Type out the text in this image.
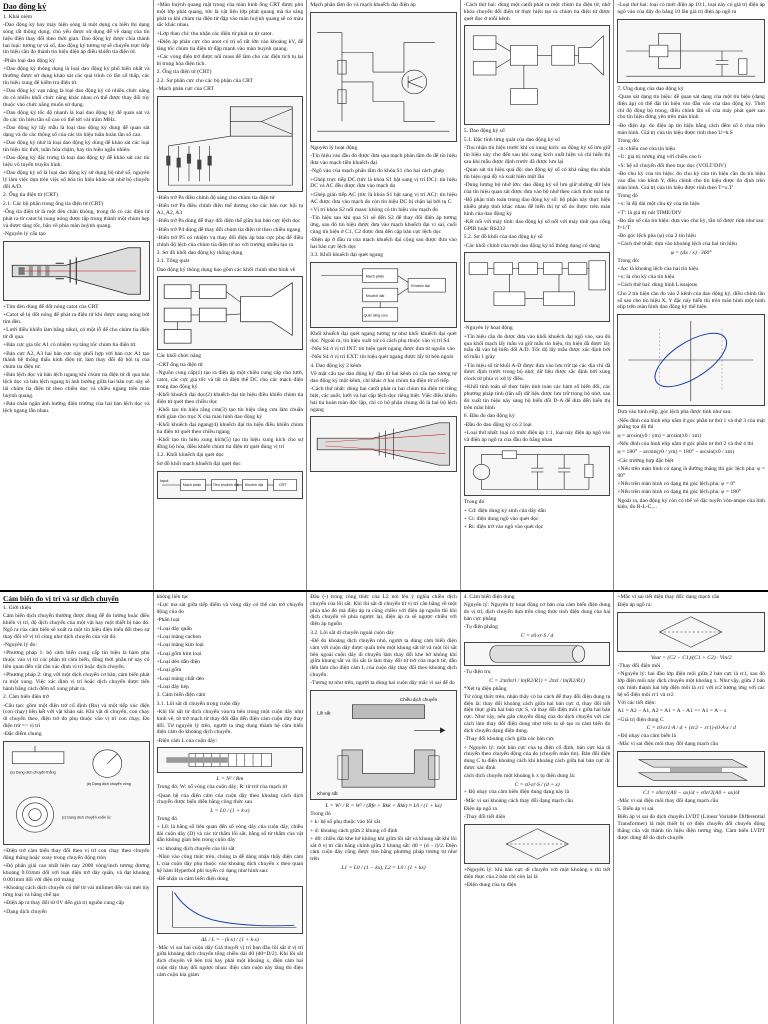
Dao động ký

1. Khái niệm

-Dao động ký hay máy hiện sóng là một dụng cụ hiển thị dạng sóng rất thông dụng, chủ yếu được sử dụng để vẽ dạng của tín hiệu điện thay đổi theo thời gian. Dao động ký được chia thành hai loại: tương tự và số, dao động ký tương tự sẽ chuyển trực tiếp tín hiệu cần đo thành tín hiệu điện áp điều khiển tia điện tử.

-Phân loại dao động ký

+Dao động ký thông dụng là loại dao động ký phổ biến nhất và thường được sử dụng khảo sát các quá trình có tần số thấp, các tín hiệu xung để kiểm tra điện tử.

+Dao động ký vạn năng là loại dao động ký có nhiều chức năng do có nhiều khối chức năng khác nhau có thể được thay đổi tùy thuộc vào chức năng muốn sử dụng.

+Dao động ký tốc độ nhanh là loại dao động ký để quan sát và đo các tín hiệu tần số cao có thể tới vài trăm MHz.

+Dao động ký lấy mẫu là loại dao động ký dùng để quan sát dạng và đo các thông số của các tín hiệu tuần hoàn tần số cao.

+Dao động ký nhớ là loại dao động ký dùng để khảo sát các loại tín hiệu lúc thời, tuần hòa chậm, hay tín hiệu ngẫu nhiên.

+Dao động ký đặc trưng là loại dao động ký để khảo sát các tín hiệu vô tuyến truyền hình.

+Dao động ký số là loại dao động ký sử dụng bộ nhớ số, nguyên lý làm việc dựa trên việc số hóa tín hiệu khảo sát nhờ bộ chuyển đổi A/D.

2. Ống tia điện tử (CRT)

2.1. Các bộ phận trong ống tia điện tử (CRT)

-Ống tia điện tử là một đèn chân không, trong đó có các điện tử phát ra từ catot bị nung nóng được tập trung thành một chùm hẹp và được tăng tốc, bắn về phía màn huỳnh quang.

-Nguyên lý cấu tạo

+Tim đèn dùng để đốt nóng catot của CRT

+Catot sẽ bị đốt nóng để phát ra điện tử khi được nung nóng bởi tim đèn.

+Lưới điều khiển làm bằng nikel, có một lỗ để cho chùm tia điện tử đi qua.

+Bản cực gia tốc A1 có nhiệm vụ tăng tốc chùm tia điện tử.

+Bản cực A2, A3 hai bản cực này phối hợp với bản cực A1 tạo thành hệ thống thấu kính điện tử, làm thay đổi độ hội tụ của chùm tia điện tử.

+Bản lệch dọc và bản lệch ngang khi chùm tia điện tử đi qua bản lệch dọc và bản lệch ngang bị ảnh hưởng giữa hai bản cực này sẽ lái chùm tia điện tử theo chiều dọc và chiều ngang trên màn huỳnh quang.

+Bản chắn ngăn ảnh hưởng điện trường của hai bản lệch dọc và lệch ngang lẫn nhau.

+Màn huỳnh quang mặt trong của màn hình ống CRT được phủ một lớp phát quang, tức là vật liệu lớp phát quang mà tia sáng phát ra khi chùm tia điện tử đập vào màn huỳnh quang sẽ có màu sắc khác nhau.

+Lớp than chì: thu nhận các điện tử phát ra từ catot.

+Điện áp phân cực cho anot có trị số rất lớn vào khoảng kV, để tăng tốc chùm tia điện tử đập mạnh vào màn huỳnh quang.

+Các vòng điện trở được nối mass để làm cho các điện tích tụ lại bị trung hòa điện tích.

2. Ống tia điện tử (CRT)

2.2. Sự phân cực cho các bộ phận của CRT

-Mạch phân cực của CRT

-Biến trở Pa điều chỉnh độ sáng cho chùm tia điện tử

-Biến trở Pa điều chỉnh điện thế dương cho các bản cực hội tụ A1, A2, A3

-Biến trở Pa dùng để thay đổi điện thế giữa hai bản cực lệch dọc

-Biến trở P4 dùng để thay đổi chùm tia điện tử theo chiều ngang

-Biến trở P5 có nhiệm vụ thay đổi điện áp bản cực phụ để điều chỉnh độ lệch của chùm tia điện tử so với trường nhiều tạo ra

3. Sơ đồ khối dao động ký thông dụng

3.1. Tổng quát

Dao động ký thông dụng bao gồm các khối chính như hình vẽ

Các khối chức năng

-CRT ống tia điện tử

-Nguồn cung cấp(1) tạo ra điện áp một chiều cung cấp cho lưới, catot, các cực gia tốc và tất cả điện thế DC cho các mạch điện trong dao động ký

-Khối khuếch đại dọc(2) khuếch đại tín hiệu điều khiển chùm tia điện tử quét theo chiều dọc

-Khối tạo tín hiệu răng cưa(3) tạo tín hiệu răng cưa làm chuẩn thời gian cho trục X của màn hình dao động ký

-Khối khuếch đại ngang(4) khuếch đại tín hiệu điều khiển chùm tia điện tử quét theo chiều ngang

-Khối tạo tín hiệu xung kích(5) tạo tín hiệu xung kích cho sự đồng bộ hóa, điều khiển chùm tia điện tử quét đúng vị trí

3.2. Khối khuếch đại quét dọc

Sơ đồ khối mạch khuếch đại quét dọc

Input
Mạch phân	Tiền khuếch đại Khuếch đại	CRT

Mạch phân tầm đo và mạch khuếch đại điện áp

Nguyên lý hoạt động

-Tín hiệu vào đầu đo được đưa qua mạch phân tầm đo để tín hiệu đưa vào mạch tiền khuếch đại

-Ngõ vào của mạch phân tầm đo khóa S1 cho hai cách ghép

+Ghép trực tiếp DC (tức là khóa S1 bật sang vị trí DC): tín hiệu DC và AC đều được đưa vào mạch đo

+Ghép gián tiếp AC (tức là khóa S1 bật sang vị trí AC): tín hiệu AC được đưa vào mạch đo còn tín hiệu DC bị chặn lại bởi tụ C

+Vị trí khóa S2 nối mass: không có tín hiệu vào mạch đo

-Tín hiệu sau khi qua S1 sẽ đến S2 để thay đổi điện áp tương ứng, sau đó tín hiệu được đưa vào mạch khuếch đại vi sai, cuối cùng tín hiệu ở C1, C2 được đưa đến cặp bản cực lệch dọc

-Điện áp ở đầu ra của mạch khuếch đại cộng sau được đưa vào hai bản cực lệch dọc

3.3. Khối khuếch đại quét ngang

Mạch phân
Khuếch đại
Khuếch đại
Quét răng cưa

Khối khuếch đại quét ngang tương tự như khối khuếch đại quét dọc. Ngoài ra, tín hiệu xuất xứ có cách phụ thuộc vào vị trí S4

-Nếu S4 ở vị trí INT: tín hiệu quét ngang được đưa từ nguồn vào

-Nếu S4 ở vị trí EXT: tín hiệu quét ngang được lấy từ bên ngoài

4. Dao động ký 2 kênh

Về mặt cấu tạo dao động ký đầu từ hai kênh có cấu tạo tương tự dao động ký một kênh, chỉ khác ở hai chùm tia điện tử cố tiếp

-Cách thứ nhất: dùng hai catốt phát ra hai chùm tia điện tử riêng biệt, các anốt, lưới và hai cặp lệch dọc riêng biệt. Việc điều khiển hai tia hoàn toàn độc lập, chỉ có bộ phận chung đó là hai bộ lệch ngang

-Cách thứ hai: dùng một catốt phát ra một chùm tia điện tử, nhờ khóa chuyển đổi điện tử thực hiện tạo ra chùm tia điện tử được quét đọc ở mỗi kênh

5. Dao động ký số

5.1. Đặc tính từng quát của dao động ký số

-Thu nhận tín hiệu trước khi có xung kích: ao động ký số lưu giữ tín hiệu này cho đến sau khi xung kích xuất hiện và chỉ hiển thị sau khi mẫu được định trước đã được lưu lại

-Quan sát tín hiệu quá độ: dao động ký số có khả năng thu nhận tín hiệu quá độ và xuất hiện một lần

-Dung lượng bộ nhớ lớn: dao động ký số lưu giữ những dữ liệu của tín hiệu quan sát được đưa vào bộ nhớ theo cách thức toàn tự

-Bộ phận tính toán trong dao động ký số: bộ phận này thực hiện nhiều phép tính khác nhau để hiển thị tự số do được trên màn hình của dao động ký

-Kết nối với máy tính: dao động ký số nối với máy tính qua cổng GPIB hoặc RS232

5.2. Sơ đồ khối của dao động ký số

-Các khối chính của một dao động ký số thông dụng có dạng

-Nguyên lý hoạt động

+Tín hiệu cần đo được đưa vào khối khuếch đại ngõ vào, sau đó qua khối mạch lấy mẫu và giữ mẫu tín hiệu, tín hiệu đã được lấy mẫu đã vào bộ biến đổi A/D. Tốc độ lấy mẫu được xác định bởi số mẫu 1 giây

+Tín hiệu số từ khối A-D được đưa vào lưu trữ tại các địa chỉ đã được định trước trong bộ nhớ, dữ liệu được sắc định bởi xung clock từ phía vi xử lý điều.

+Khối tính toán sẽ thực hiện tính toán các hàm số biến đổi, các phương pháp tính (tần số) dữ liệu được lưu trữ trong bộ nhớ, sau đó xuất tín hiệu này sang bộ biến đổi D-A để đưa đến hiển thị trên màn hình

6. Đầu đo dao động ký

-Đầu đo dao động ký có 2 loại

+Loại thứ nhất: loại có mức điện áp 1:1, loại này điện áp ngõ vào và điện áp ngõ ra của đầu đo bằng nhau

Trong đó

+ Cd: điện dung ký sinh của dây dẫn

+ Ci: điện dung ngõ vào quét dọc

+ Ri: điện trở vào ngõ vào quét dọc

-Loại thứ hai: loại có mức điện áp 10:1, loại này có giá trị điện áp ngõ vào của dây đo bằng 10 lần giá trị điện áp ngõ ra

7. Ứng dụng của dao động ký

-Quan sát dạng tín hiệu: để quan sát dạng của một tín hiệu (dạng điện áp) có thể đặt tín hiệu vào đầu vào của dao động ký. Thời chỉ độ động bộ trong, điều chỉnh tần số của máy phát quét sao cho tín hiệu đứng yên trên màn hình

-Đo điện áp: đo điện áp tín hiệu bằng cách đếm số ô chia trên màn hình. Giá trị của tín hiệu được tính theo U=h.S

Trong đó:

+h: chiều cao của tín hiệu

+U: giá trị tương ứng với chiều cao h

+S: hệ số chuyển đổi theo trục dọc (VOLT/DIV)

-Đo chu kỳ của tín hiệu: đo chu kỳ của tín hiệu cần đo tín hiệu vào đầu vào kênh Y, điều chỉnh cho tín hiệu được ổn định trên màn hình. Giá trị của tín hiệu được tính theo T=x.T'

Trong đó

+x: là độ dài một chu kỳ của tín hiệu

+T': là giá trị nút TIME/DIV

-Đo tần số của tín hiệu: dựa vào chu kỳ, tần số được tính như sau: f=1/T

-Đo góc lệch pha (φ) của 2 tín hiệu

+Cách thứ nhất: dựa vào khoảng lệch của hai tín hiệu

φ = (Δx / x) · 360°

Trong đó:

+Δx: là khoảng lệch của hai tín hiệu

+x: là chu kỳ của tín hiệu

+Cách thứ hai: dùng hình Lissajous

Cho 2 tín hiệu cần đo vào 2 kênh của dao động ký, điều chỉnh tần số sao cho tín hiệu X, Y đặc này hiển thị trên màn hình một hình elip trên màn hình dao động ký thể hiện

Dựa vào hình elip, góc lệch pha được tính như sau:

-Nếu đỉnh của hình elip nằm ở góc phần tư thứ 1 và thứ 3 của mặt phẳng tọa độ thì

φ = arcsin(y0 / ym) = arcsin(x0 / xm)

-Nếu đỉnh của hình elip nằm ở góc phần tư thứ 2 và thứ 4 thì

φ = 180° − arcsin(y0 / ym) = 180° − arcsin(x0 / xm)

-Các trường hợp đặc biệt

+Nếu trên màn hình có dạng là đường thẳng thì góc lệch pha: φ = 90°

+Nếu trên màn hình có dạng thì góc lệch pha: φ = 0°

+Nếu trên màn hình có dạng thì góc lệch pha: φ = 180°

Ngoài ra, dao động ký còn có thể vẽ đặc tuyến vôn-ampe của linh kiện, đo R-L-C,...

Cảm biến đo vị trí và sự dịch chuyển

1. Giới thiệu

Cảm biến dịch chuyển thường được dùng để đo lường hoặc điều khiển vị trí, độ dịch chuyển của một vật hay một thiết bị nào đó. Ngõ ra của cảm biến sẽ xuất ra một tín hiệu điện biến đổi theo sự thay đổi về vị trí cũng như dịch chuyển của vật đó.

-Nguyên lý đo:

+Phương pháp 1: bộ cảm biến cung cấp tín hiệu là hàm phụ thuộc vào vị trí các phần tử cảm biến, đồng thời phần tử này có liên quan đến vật cần xác định vị trí hoặc dịch chuyển.

+Phương pháp 2: ứng với một dịch chuyển cơ bản, cảm biến phát ra một xung. Việc xác định vị trí hoặc dịch chuyển được tiến hành bằng cách đếm số xung phát ra.

2. Cảm biến điện trở

-Cấu tạo: gồm một điện trở cố định (Rn) và một tiếp xúc điện (con chạy) liên kết với vật khảo sát. Khi vật di chuyển, con chạy di chuyển theo, điện trở đo phụ thuộc vào vị trí con chạy. Đo điện trở => vị trí

-Đặc điểm chung

(a) Dạng dịch chuyển thẳng
(b) Dạng dịch chuyển vòng
(c) Dạng dịch chuyển xoắn ốc

+Điện trở cảm biến thay đổi theo vị trí con chạy theo chuyển động thẳng hoặc xoay trong chuyển động tròn

+Độ phân giải cao nhất hiện nay 2000 vòng/inch tương đương khoảng 0.01mm đối với loại điện trở dây quấn, và đạt khoảng 0.001mm đối với điện trở màng

+Khoảng cách dịch chuyển có thể từ vài milimet đến vài mét tùy từng loại và hãng chế tạo

+Điện áp ra thay đổi từ 0V đến giá trị nguồn cung cấp

+Dạng dịch chuyển

không liên tục

+Lực ma sát giữa tiếp điểm và vòng dây có thể cản trở chuyển động của đo

-Phân loại

+Loại dây quấn

+Loại màng cacbon

+Loại màng kim loại

+Loại gốm kim loại

+Loại dẻo dẫn điện

+Loại gốm

+Loại màng chất dẻo

+Loại dây kép

3. Cảm biến điện cảm

3.1. Lõi sắt di chuyển trong cuộn dây

-Khi lõi sắt từ dịch chuyển vào/ra bên trong một cuộn dây như hình vẽ, từ trở mạch từ thay đổi dẫn đến điện cảm cuộn dây thay đổi. Từ nguyên lý trên, người ta ứng dụng thành hệ cảm biến điện cảm đo khoảng dịch chuyển.

-Điện cảm L của cuộn dây:

L = N² / Rm

Trong đó: W: số vòng của cuộn dây; R: từ trở của mạch từ

-Quan hệ của điện cảm của cuộn dây theo khoảng cách dịch chuyển được biểu diễn bằng công thức sau

L = L0 / (1 + k·x)

Trong đó

+ L0: là hằng số liên quan đến số vòng dây của cuộn dây, chiều dài cuộn dây (D) và các từ thẩm lõi sắt, bằng số từ thẩm của vật dẫn không gian bên trong cuộn dây

+x: khoảng dịch chuyển của lõi sắt

-Nhìn vào công thức trên, chúng ta dễ dàng nhận thấy điện cảm L của cuộn dây phụ thuộc vào khoảng dịch chuyển x theo quan hệ hàm Hyperbol phi tuyến có dạng như hình sau:

-Để nhận ra cảm biến điện dung

ΔL / L = −(k·x) / (1 + k·x)

-Mắc vi sai hai cuộn dây Giả thuyết vị trí ban đầu lõi sắt ở vị trí giữa khoảng dịch chuyển tổng chiều dài d0 (d0=D/2). Khi lõi sắt dịch chuyển về bên trái hay phải một khoảng x, điện cảm hai cuộn dây thay đổi ngược nhau: điện cảm cuộn này tăng thì điện cảm cuộn kia giảm

Đầu (-) trong công thức của L2 nói lên ý nghĩa chiều dịch chuyển của lõi sắt. Khi lõi sắt di chuyển từ vị trí cân bằng về một phía nào đó mà điện áp ra cũng chiều với điện áp nguồn thì khi dịch chuyển về phía ngược lại, điện áp ra sẽ ngược chiều với điện áp nguồn

3.2. Lõi sắt di chuyển ngoài cuộn dây

-Để đo khoảng dịch chuyển nhỏ, người ta dùng cảm biến điện cảm với cuộn dây được quấn trên một khung sắt từ và một lõi sắt bên ngoài cuộn dây di chuyển làm thay đổi khe hở không khí giữa khung sắt và lõi sắt là làm thay đổi từ trở của mạch từ, dẫn đến làm cho điện cảm L của cuộn dây thay đổi theo khoảng dịch chuyển.

-Tương tự như trên, người ta dùng hai cuộn dây mắc vi sai để đo

Lõi sắt
Chiều dịch chuyển
Khung sắt
L = W² / R = W² / (Rfe + Rkk + Rkk) ≈ L0 / (1 + kx)

Trong đó

+ k: hệ số phụ thuộc vào lõi sắt

+ d: khoảng cách giữa 2 khung cổ định

+ d0: chiều dài khe hở không khí giữa lõi sắt và khung sắt khi lõi sắt ở vị trí cân bằng chính giữa 2 khung sắt: d0 = (d − l)/2. Điện cảm cuộn dây cũng được tìm bằng phương pháp tương tự như trên

L1 = L0 / (1 − kx), L2 = L0 / (1 + kx)

4. Cảm biến điện dung

Nguyên lý: Nguyên lý hoạt động cơ bản của cảm biến điện dung đo vị trí, dịch chuyển dựa trên công thức tính điện dung của hai bản cực phẳng

-Tụ điện phẳng

C = ε0·εr·S / d

-Tụ điện trụ

C = 2πε0εrl / ln(R2/R1) = 2πεl / ln(R2/R1)

*Xét tụ điện phẳng

Từ công thức trên, nhận thấy có ba cách để thay đổi điện dung tụ điện là: thay đổi khoảng cách giữa hai bản cực d, thay đổi tiết diện thực giữa hai bản cực S, và thay đổi điện môi ε giữa hai bản cực. Như vậy, nếu gắn chuyển động của đo dịch chuyển với các cách làm thay đổi điện dung như trên ta sẽ tạo ra cảm biến đo dịch chuyển dạng điện dung.

-Thay đổi khoảng cách giữa các bản cực

+ Nguyên lý: một bản cực của tụ điện cố định, bản cực kia di chuyển theo chuyển động của đo (chuyển mãn tin). Bản đổi điện dung C tụ điện khoảng cách khi khoảng cách giữa hai bản cực dc được xác định

cách dịch chuyển một khoảng k x tụ điện dung là:

C = ε0·εr·S / (d + x)

+ Độ nhạy của cảm biến điện dung dạng này là

-Mắc vi sai khoảng cách thay đổi dạng mạch cầu

Điện áp ngõ ra

-Thay đổi tiết diện

+Nguyên lý: khi bản cực di chuyển với một khoảng x thì tiết diện thực của 2 bản chỉ còn lại là

+Điện dung của tụ điện

+Mắc vi sai tiết diện thay đổi: dạng mạch cầu

Điện áp ngõ ra:

Vout = (C2 − C1)/(C1 + C2) · Vin/2

-Thay đổi điện môi

+Nguyên lý: hai đầu lớp điện môi giữa 2 bản cực là εr1, sau đó lớp điện môi này dịch chuyển một khoảng x. Như vậy, giữa 2 bản cực hình thành hai lớp điện môi là εr1 với εr2 tương ứng với các hệ số điện môi εr1 và εr2

Với các tiết diện:

A1 = A2 − A1, A2 = A1 = A − A1 => A1 = A − x

+Giá trị điện dung C

C = ε0·εr1·A / d + (εr2 − εr1)·ε0·A·x / d

+Độ nhạy của cảm biến là

-Mắc vi sai điện môi thay đổi dạng mạch cầu

C1 = ε0εr1(A0 − ax)/d + ε0εr2(A0 + ax)/d

-Mắc vi sai điện môi thay đổi dạng mạch cầu

5. Biến áp vi sai

Biến áp vi sai đo dịch chuyển LVDT (Linear Variable Differential Transformer) là một thiết bị cơ điện chuyển đổi chuyển động thẳng của vật thành tín hiệu điện tương ứng. Cảm biến LVDT được dùng để đo dịch chuyển
